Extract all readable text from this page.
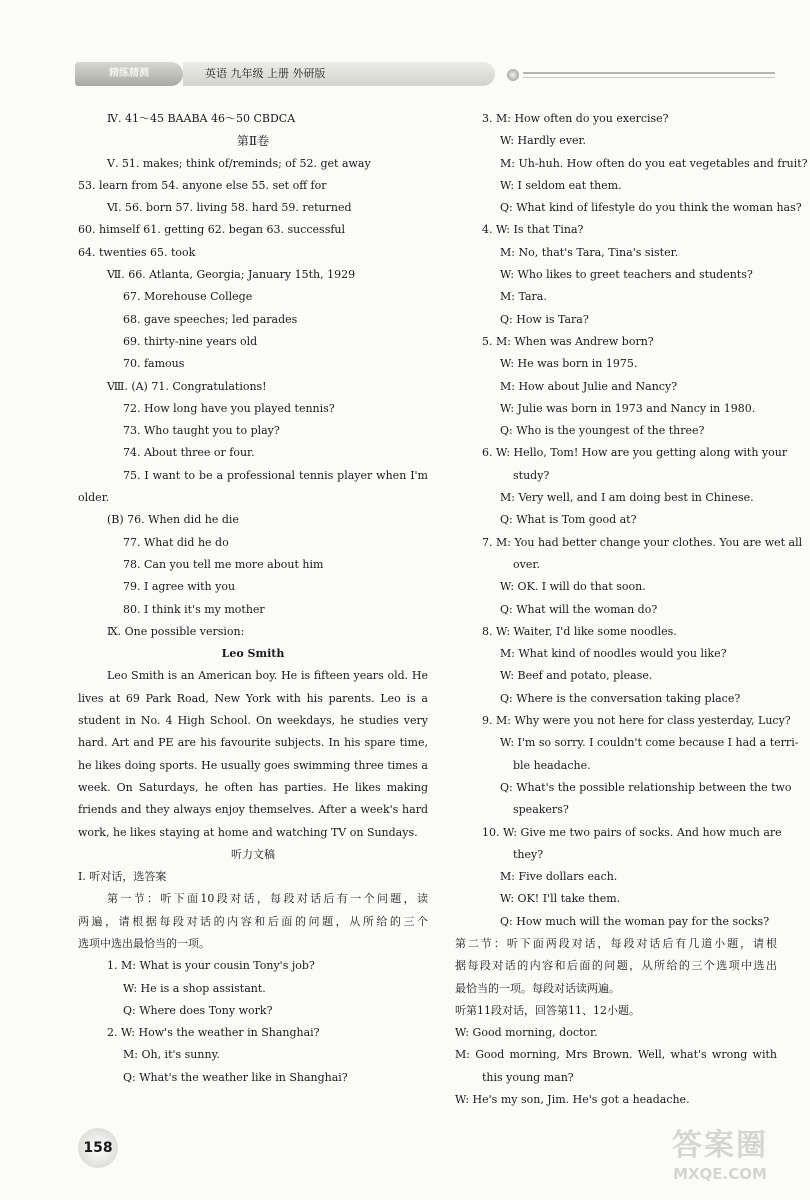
精练精测	英语 九年级 上册 外研版
Ⅳ. 41～45 BAABA 46～50 CBDCA
第Ⅱ卷
Ⅴ. 51. makes; think of/reminds; of 52. get away
53. learn from 54. anyone else 55. set off for
Ⅵ. 56. born 57. living 58. hard 59. returned
60. himself 61. getting 62. began 63. successful
64. twenties 65. took
Ⅶ. 66. Atlanta, Georgia; January 15th, 1929
67. Morehouse College
68. gave speeches; led parades
69. thirty-nine years old
70. famous
Ⅷ. (A) 71. Congratulations!
72. How long have you played tennis?
73. Who taught you to play?
74. About three or four.
75. I want to be a professional tennis player when I'm
older.
(B) 76. When did he die
77. What did he do
78. Can you tell me more about him
79. I agree with you
80. I think it's my mother
Ⅸ. One possible version:
Leo Smith
Leo Smith is an American boy. He is fifteen years old. He
lives at 69 Park Road, New York with his parents. Leo is a
student in No. 4 High School. On weekdays, he studies very
hard. Art and PE are his favourite subjects. In his spare time,
he likes doing sports. He usually goes swimming three times a
week. On Saturdays, he often has parties. He likes making
friends and they always enjoy themselves. After a week's hard
work, he likes staying at home and watching TV on Sundays.
听力文稿
Ⅰ. 听对话，选答案
第一节：听下面10段对话，每段对话后有一个问题，读
两遍，请根据每段对话的内容和后面的问题，从所给的三个
选项中选出最恰当的一项。
1. M: What is your cousin Tony's job?
W: He is a shop assistant.
Q: Where does Tony work?
2. W: How's the weather in Shanghai?
M: Oh, it's sunny.
Q: What's the weather like in Shanghai?
3. M: How often do you exercise?
W: Hardly ever.
M: Uh-huh. How often do you eat vegetables and fruit?
W: I seldom eat them.
Q: What kind of lifestyle do you think the woman has?
4. W: Is that Tina?
M: No, that's Tara, Tina's sister.
W: Who likes to greet teachers and students?
M: Tara.
Q: How is Tara?
5. M: When was Andrew born?
W: He was born in 1975.
M: How about Julie and Nancy?
W: Julie was born in 1973 and Nancy in 1980.
Q: Who is the youngest of the three?
6. W: Hello, Tom! How are you getting along with your
study?
M: Very well, and I am doing best in Chinese.
Q: What is Tom good at?
7. M: You had better change your clothes. You are wet all
over.
W: OK. I will do that soon.
Q: What will the woman do?
8. W: Waiter, I'd like some noodles.
M: What kind of noodles would you like?
W: Beef and potato, please.
Q: Where is the conversation taking place?
9. M: Why were you not here for class yesterday, Lucy?
W: I'm so sorry. I couldn't come because I had a terri-
ble headache.
Q: What's the possible relationship between the two
speakers?
10. W: Give me two pairs of socks. And how much are
they?
M: Five dollars each.
W: OK! I'll take them.
Q: How much will the woman pay for the socks?
第二节：听下面两段对话，每段对话后有几道小题，请根
据每段对话的内容和后面的问题，从所给的三个选项中选出
最恰当的一项。每段对话读两遍。
听第11段对话，回答第11、12小题。
W: Good morning, doctor.
M: Good morning, Mrs Brown. Well, what's wrong with
this young man?
W: He's my son, Jim. He's got a headache.
158	答案圈
MXQE.COM
